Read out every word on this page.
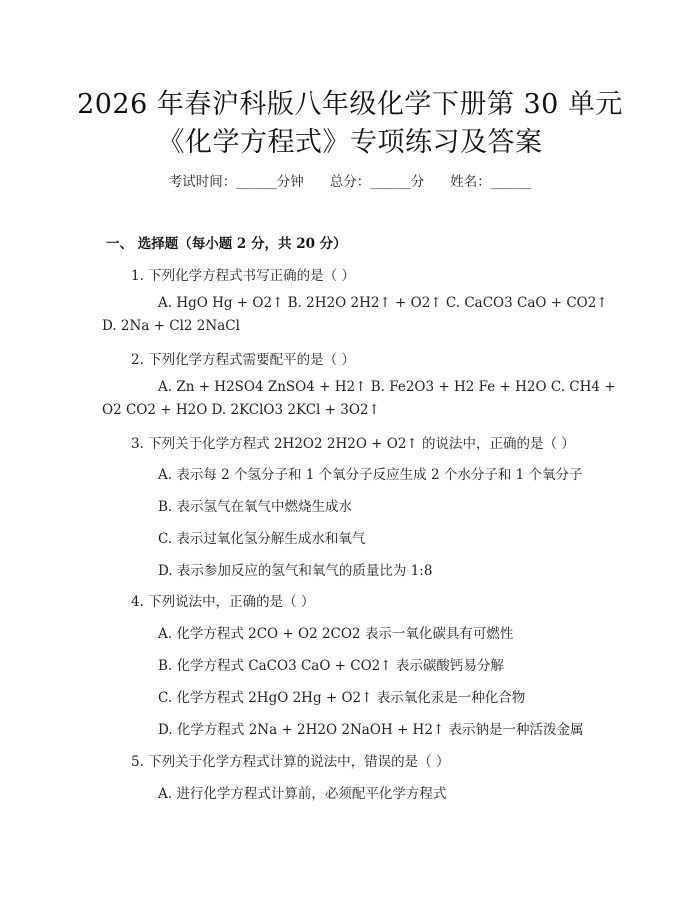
2026 年春沪科版八年级化学下册第 30 单元
《化学方程式》专项练习及答案
考试时间：______分钟 总分：______分 姓名：______
一、 选择题（每小题 2 分，共 20 分）
1. 下列化学方程式书写正确的是（ ）
A. HgO Hg + O2↑ B. 2H2O 2H2↑ + O2↑ C. CaCO3 CaO + CO2↑
D. 2Na + Cl2 2NaCl
2. 下列化学方程式需要配平的是（ ）
A. Zn + H2SO4 ZnSO4 + H2↑ B. Fe2O3 + H2 Fe + H2O C. CH4 +
O2 CO2 + H2O D. 2KClO3 2KCl + 3O2↑
3. 下列关于化学方程式 2H2O2 2H2O + O2↑ 的说法中，正确的是（ ）
A. 表示每 2 个氢分子和 1 个氧分子反应生成 2 个水分子和 1 个氧分子
B. 表示氢气在氧气中燃烧生成水
C. 表示过氧化氢分解生成水和氧气
D. 表示参加反应的氢气和氧气的质量比为 1:8
4. 下列说法中，正确的是（ ）
A. 化学方程式 2CO + O2 2CO2 表示一氧化碳具有可燃性
B. 化学方程式 CaCO3 CaO + CO2↑ 表示碳酸钙易分解
C. 化学方程式 2HgO 2Hg + O2↑ 表示氧化汞是一种化合物
D. 化学方程式 2Na + 2H2O 2NaOH + H2↑ 表示钠是一种活泼金属
5. 下列关于化学方程式计算的说法中，错误的是（ ）
A. 进行化学方程式计算前，必须配平化学方程式
